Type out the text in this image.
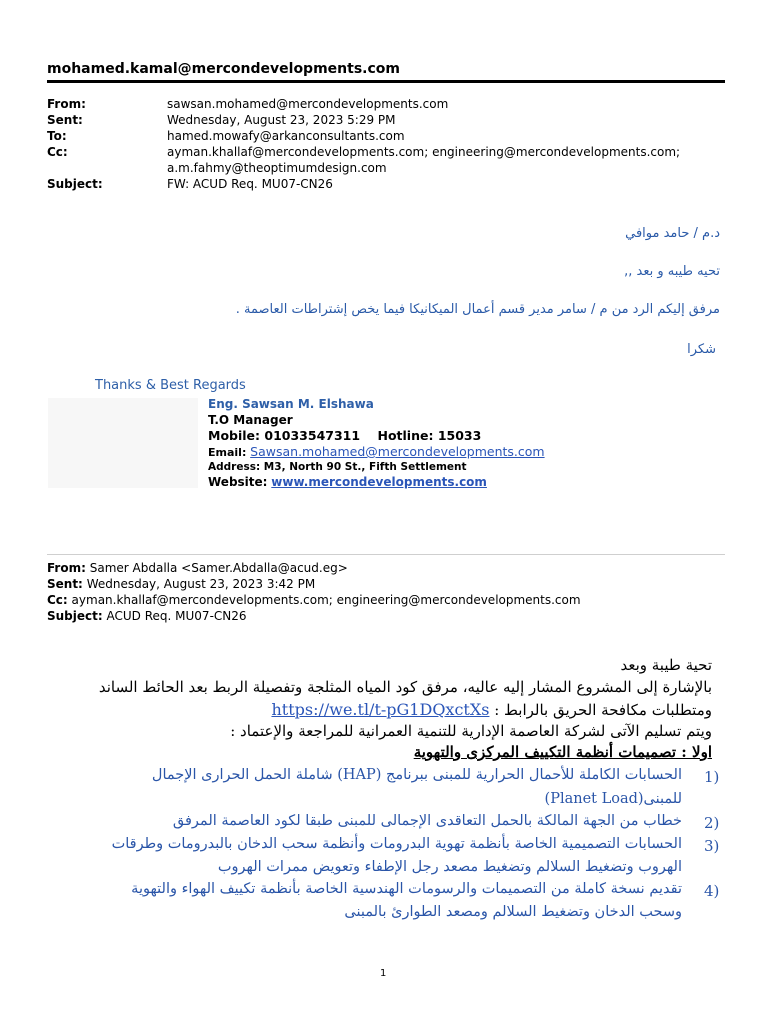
mohamed.kamal@mercondevelopments.com
From:	sawsan.mohamed@mercondevelopments.com
Sent:	Wednesday, August 23, 2023 5:29 PM
To:	hamed.mowafy@arkanconsultants.com
Cc:	ayman.khallaf@mercondevelopments.com; engineering@mercondevelopments.com;
a.m.fahmy@theoptimumdesign.com
Subject:	FW: ACUD Req. MU07-CN26
د.م / حامد موافي
تحيه طيبه و بعد ,,
مرفق إليكم الرد من م / سامر مدير قسم أعمال الميكانيكا فيما يخص إشتراطات العاصمة .
شكرا
Thanks & Best Regards
Eng. Sawsan M. Elshawa
T.O Manager
Mobile: 01033547311 Hotline: 15033
Email: Sawsan.mohamed@mercondevelopments.com
Address: M3, North 90 St., Fifth Settlement
Website: www.mercondevelopments.com
From: Samer Abdalla <Samer.Abdalla@acud.eg>
Sent: Wednesday, August 23, 2023 3:42 PM
Cc: ayman.khallaf@mercondevelopments.com; engineering@mercondevelopments.com
Subject: ACUD Req. MU07-CN26
تحية طيبة وبعد
بالإشارة إلى المشروع المشار إليه عاليه، مرفق كود المياه المثلجة وتفصيلة الربط بعد الحائط الساند
ومتطلبات مكافحة الحريق بالرابط : https://we.tl/t-pG1DQxctXs
ويتم تسليم الآتى لشركة العاصمة الإدارية للتنمية العمرانية للمراجعة والإعتماد :
اولا : تصميمات أنظمة التكييف المركزى والتهوية
1)
الحسابات الكاملة للأحمال الحرارية للمبنى ببرنامج (HAP) شاملة الحمل الحرارى الإجمال
للمبنى(Planet Load)
2)
خطاب من الجهة المالكة بالحمل التعاقدى الإجمالى للمبنى طبقا لكود العاصمة المرفق
3)
الحسابات التصميمية الخاصة بأنظمة تهوية البدرومات وأنظمة سحب الدخان بالبدرومات وطرقات
الهروب وتضغيط السلالم وتضغيط مصعد رجل الإطفاء وتعويض ممرات الهروب
4)
تقديم نسخة كاملة من التصميمات والرسومات الهندسية الخاصة بأنظمة تكييف الهواء والتهوية
وسحب الدخان وتضغيط السلالم ومصعد الطوارئ بالمبنى
1
